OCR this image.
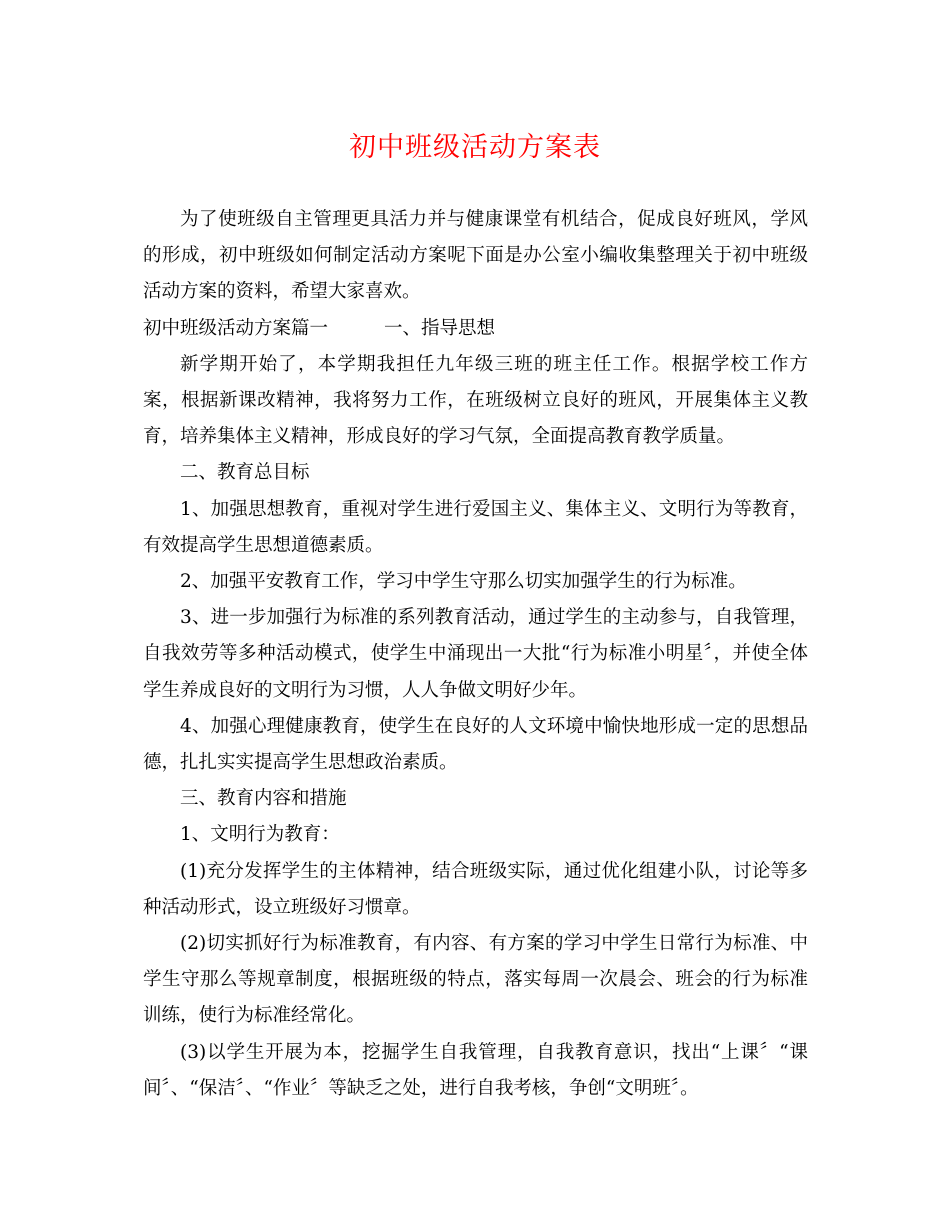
初中班级活动方案表

为了使班级自主管理更具活力并与健康课堂有机结合，促成良好班风，学风的形成，初中班级如何制定活动方案呢下面是办公室小编收集整理关于初中班级活动方案的资料，希望大家喜欢。

初中班级活动方案篇一	一、指导思想

新学期开始了，本学期我担任九年级三班的班主任工作。根据学校工作方案，根据新课改精神，我将努力工作，在班级树立良好的班风，开展集体主义教育，培养集体主义精神，形成良好的学习气氛，全面提高教育教学质量。

二、教育总目标

1、加强思想教育，重视对学生进行爱国主义、集体主义、文明行为等教育，有效提高学生思想道德素质。

2、加强平安教育工作，学习中学生守那么切实加强学生的行为标准。

3、进一步加强行为标准的系列教育活动，通过学生的主动参与，自我管理，自我效劳等多种活动模式，使学生中涌现出一大批“行为标准小明星〞，并使全体学生养成良好的文明行为习惯，人人争做文明好少年。

4、加强心理健康教育，使学生在良好的人文环境中愉快地形成一定的思想品德，扎扎实实提高学生思想政治素质。

三、教育内容和措施

1、文明行为教育：

(1)充分发挥学生的主体精神，结合班级实际，通过优化组建小队，讨论等多种活动形式，设立班级好习惯章。

(2)切实抓好行为标准教育，有内容、有方案的学习中学生日常行为标准、中学生守那么等规章制度，根据班级的特点，落实每周一次晨会、班会的行为标准训练，使行为标准经常化。

(3)以学生开展为本，挖掘学生自我管理，自我教育意识，找出“上课〞“课间〞、“保洁〞、“作业〞等缺乏之处，进行自我考核，争创“文明班〞。
